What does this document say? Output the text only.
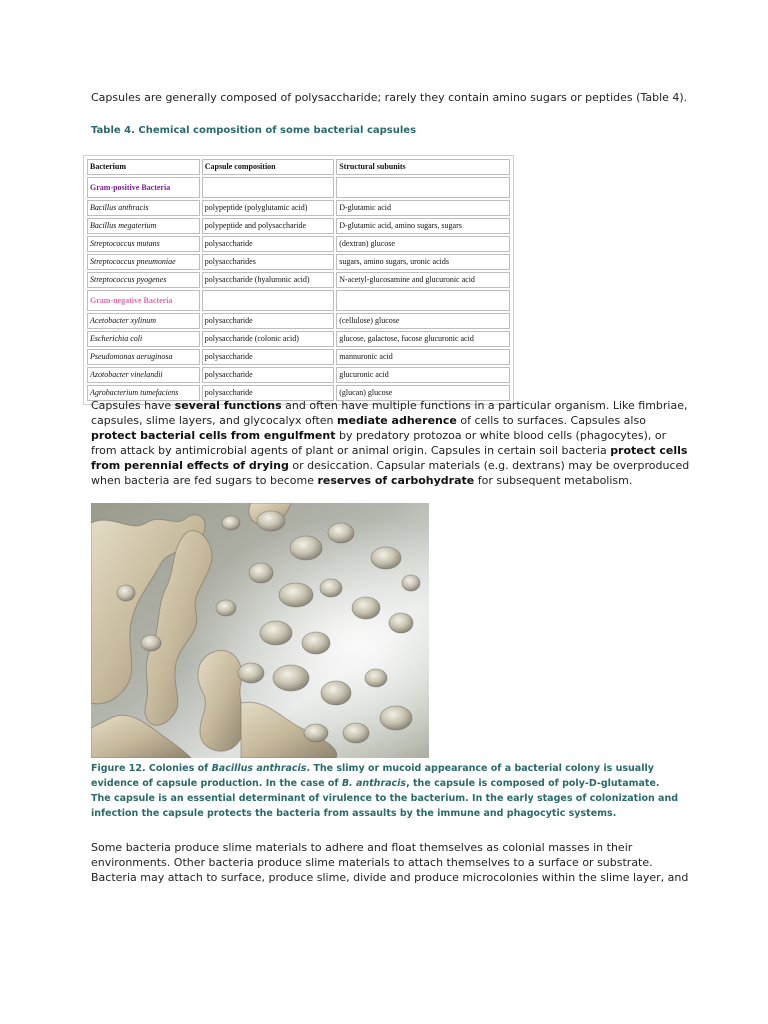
Capsules are generally composed of polysaccharide; rarely they contain amino sugars or peptides (Table 4).

Table 4. Chemical composition of some bacterial capsules

Bacterium	Capsule composition	Structural subunits
Gram-positive Bacteria		
Bacillus anthracis	polypeptide (polyglutamic acid)	D-glutamic acid
Bacillus megaterium	polypeptide and polysaccharide	D-glutamic acid, amino sugars, sugars
Streptococcus mutans	polysaccharide	(dextran) glucose
Streptococcus pneumoniae	polysaccharides	sugars, amino sugars, uronic acids
Streptococcus pyogenes	polysaccharide (hyaluronic acid)	N-acetyl-glucosamine and glucuronic acid
Gram-negative Bacteria		
Acetobacter xylinum	polysaccharide	(cellulose) glucose
Escherichia coli	polysaccharide (colonic acid)	glucose, galactose, fucose glucuronic acid
Pseudomonas aeruginosa	polysaccharide	mannuronic acid
Azotobacter vinelandii	polysaccharide	glucuronic acid
Agrobacterium tumefaciens	polysaccharide	(glucan) glucose

Capsules have several functions and often have multiple functions in a particular organism. Like fimbriae, capsules, slime layers, and glycocalyx often mediate adherence of cells to surfaces. Capsules also protect bacterial cells from engulfment by predatory protozoa or white blood cells (phagocytes), or from attack by antimicrobial agents of plant or animal origin. Capsules in certain soil bacteria protect cells from perennial effects of drying or desiccation. Capsular materials (e.g. dextrans) may be overproduced when bacteria are fed sugars to become reserves of carbohydrate for subsequent metabolism.

Figure 12. Colonies of Bacillus anthracis. The slimy or mucoid appearance of a bacterial colony is usually evidence of capsule production. In the case of B. anthracis, the capsule is composed of poly-D-glutamate. The capsule is an essential determinant of virulence to the bacterium. In the early stages of colonization and infection the capsule protects the bacteria from assaults by the immune and phagocytic systems.

Some bacteria produce slime materials to adhere and float themselves as colonial masses in their environments. Other bacteria produce slime materials to attach themselves to a surface or substrate. Bacteria may attach to surface, produce slime, divide and produce microcolonies within the slime layer, and
